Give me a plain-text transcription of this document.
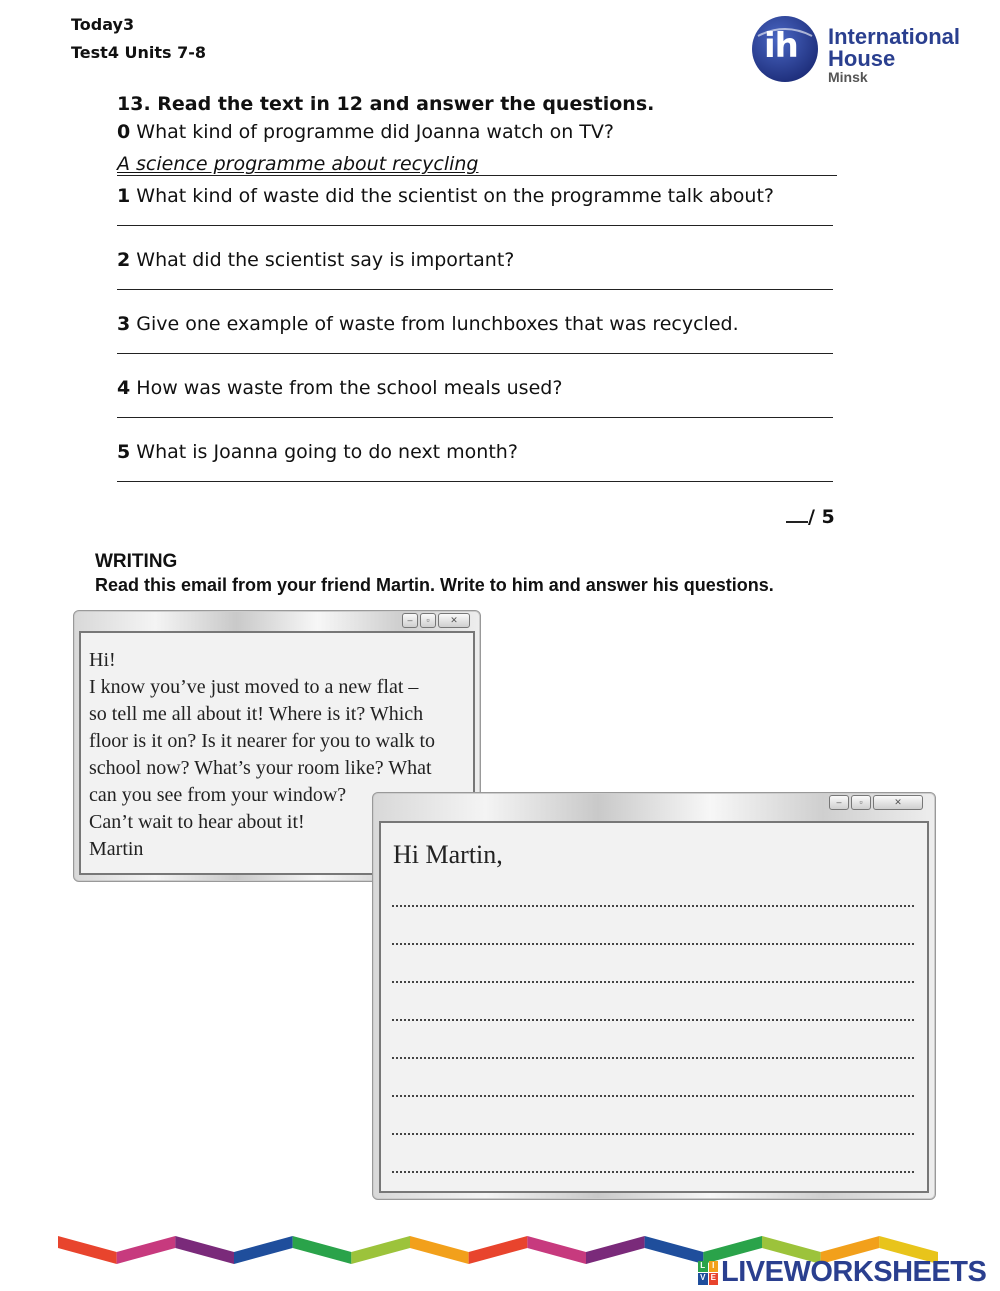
Today3
Test4 Units 7-8	ih International
House
Minsk
13. Read the text in 12 and answer the questions.
0 What kind of programme did Joanna watch on TV?
A science programme about recycling
1 What kind of waste did the scientist on the programme talk about?
2 What did the scientist say is important?
3 Give one example of waste from lunchboxes that was recycled.
4 How was waste from the school meals used?
5 What is Joanna going to do next month?
/ 5
WRITING
Read this email from your friend Martin. Write to him and answer his questions.
–	▫	✕
Hi!
I know you’ve just moved to a new flat –
so tell me all about it! Where is it? Which
floor is it on? Is it nearer for you to walk to
school now? What’s your room like? What
can you see from your window?
Can’t wait to hear about it!
Martin
–	▫	✕
Hi Martin,
L I
V E LIVEWORKSHEETS
